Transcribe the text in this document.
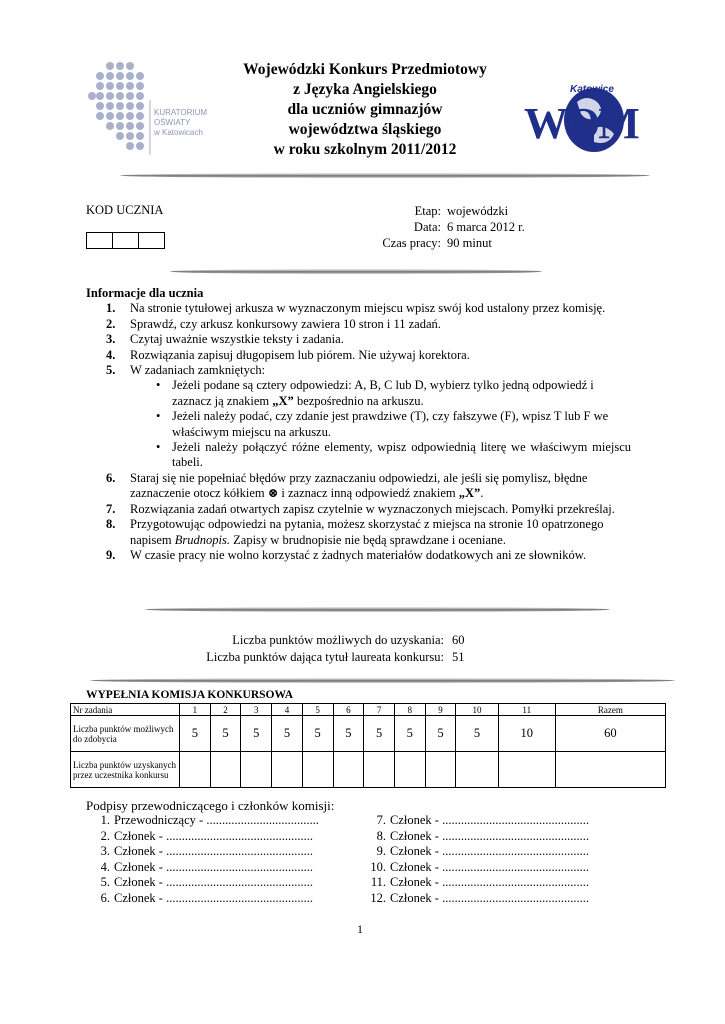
KURATORIUM
OŚWIATY
w Katowicach
Wojewódzki Konkurs Przedmiotowy
z Języka Angielskiego
dla uczniów gimnazjów
województwa śląskiego
w roku szkolnym 2011/2012
WOM
Katowice
KOD UCZNIA	Etap:	wojewódzki
Data:	6 marca 2012 r.
Czas pracy:	90 minut
Informacje dla ucznia
1.	Na stronie tytułowej arkusza w wyznaczonym miejscu wpisz swój kod ustalony przez komisję.
2.	Sprawdź, czy arkusz konkursowy zawiera 10 stron i 11 zadań.
3.	Czytaj uważnie wszystkie teksty i zadania.
4.	Rozwiązania zapisuj długopisem lub piórem. Nie używaj korektora.
5.	W zadaniach zamkniętych:
• Jeżeli podane są cztery odpowiedzi: A, B, C lub D, wybierz tylko jedną odpowiedź i zaznacz ją znakiem „X” bezpośrednio na arkuszu.
• Jeżeli należy podać, czy zdanie jest prawdziwe (T), czy fałszywe (F), wpisz T lub F we właściwym miejscu na arkuszu.
• Jeżeli należy połączyć różne elementy, wpisz odpowiednią literę we właściwym miejscu tabeli.
6.	Staraj się nie popełniać błędów przy zaznaczaniu odpowiedzi, ale jeśli się pomylisz, błędne zaznaczenie otocz kółkiem ⊗ i zaznacz inną odpowiedź znakiem „X”.
7.	Rozwiązania zadań otwartych zapisz czytelnie w wyznaczonych miejscach. Pomyłki przekreślaj.
8.	Przygotowując odpowiedzi na pytania, możesz skorzystać z miejsca na stronie 10 opatrzonego napisem Brudnopis. Zapisy w brudnopisie nie będą sprawdzane i oceniane.
9.	W czasie pracy nie wolno korzystać z żadnych materiałów dodatkowych ani ze słowników.
Liczba punktów możliwych do uzyskania:	60
Liczba punktów dająca tytuł laureata konkursu:	51
WYPEŁNIA KOMISJA KONKURSOWA
Nr zadania	1	2	3	4	5	6	7	8	9	10	11	Razem
Liczba punktów możliwych do zdobycia	5	5	5	5	5	5	5	5	5	5	10	60
Liczba punktów uzyskanych przez uczestnika konkursu												
Podpisy przewodniczącego i członków komisji:
1. Przewodniczący - ....................................
2. Członek - ...............................................
3. Członek - ...............................................
4. Członek - ...............................................
5. Członek - ...............................................
6. Członek - ...............................................
7. Członek - ...............................................
8. Członek - ...............................................
9. Członek - ...............................................
10. Członek - ...............................................
11. Członek - ...............................................
12. Członek - ...............................................
1
